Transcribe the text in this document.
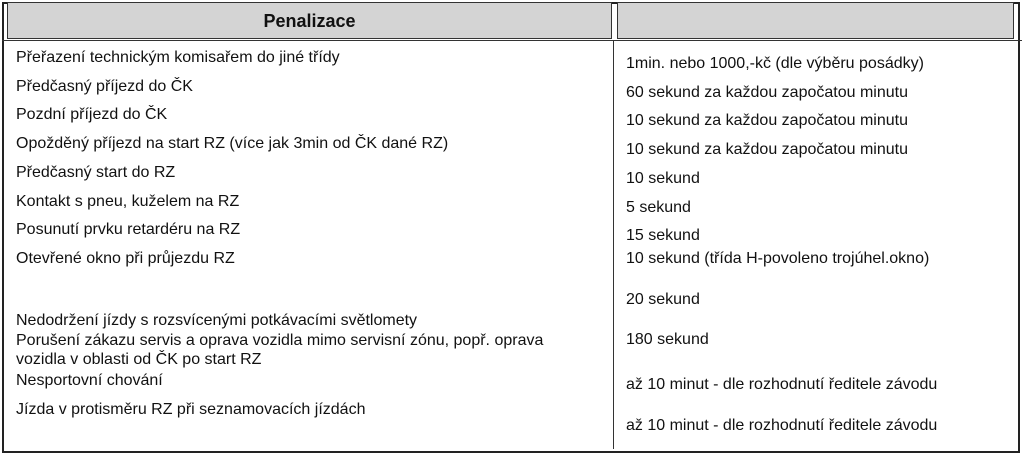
Penalizace
Přeřazení technickým komisařem do jiné třídy
Předčasný příjezd do ČK
Pozdní příjezd do ČK
Opožděný příjezd na start RZ (více jak 3min od ČK dané RZ)
Předčasný start do RZ
Kontakt s pneu, kuželem na RZ
Posunutí prvku retardéru na RZ
Otevřené okno při průjezdu RZ
Nedodržení jízdy s rozsvícenými potkávacími světlomety
Porušení zákazu servis a oprava vozidla mimo servisní zónu, popř. oprava
vozidla v oblasti od ČK po start RZ
Nesportovní chování
Jízda v protisměru RZ při seznamovacích jízdách
1min. nebo 1000,-kč (dle výběru posádky)
60 sekund za každou započatou minutu
10 sekund za každou započatou minutu
10 sekund za každou započatou minutu
10 sekund
5 sekund
15 sekund
10 sekund (třída H-povoleno trojúhel.okno)
20 sekund
180 sekund
až 10 minut - dle rozhodnutí ředitele závodu
až 10 minut - dle rozhodnutí ředitele závodu
